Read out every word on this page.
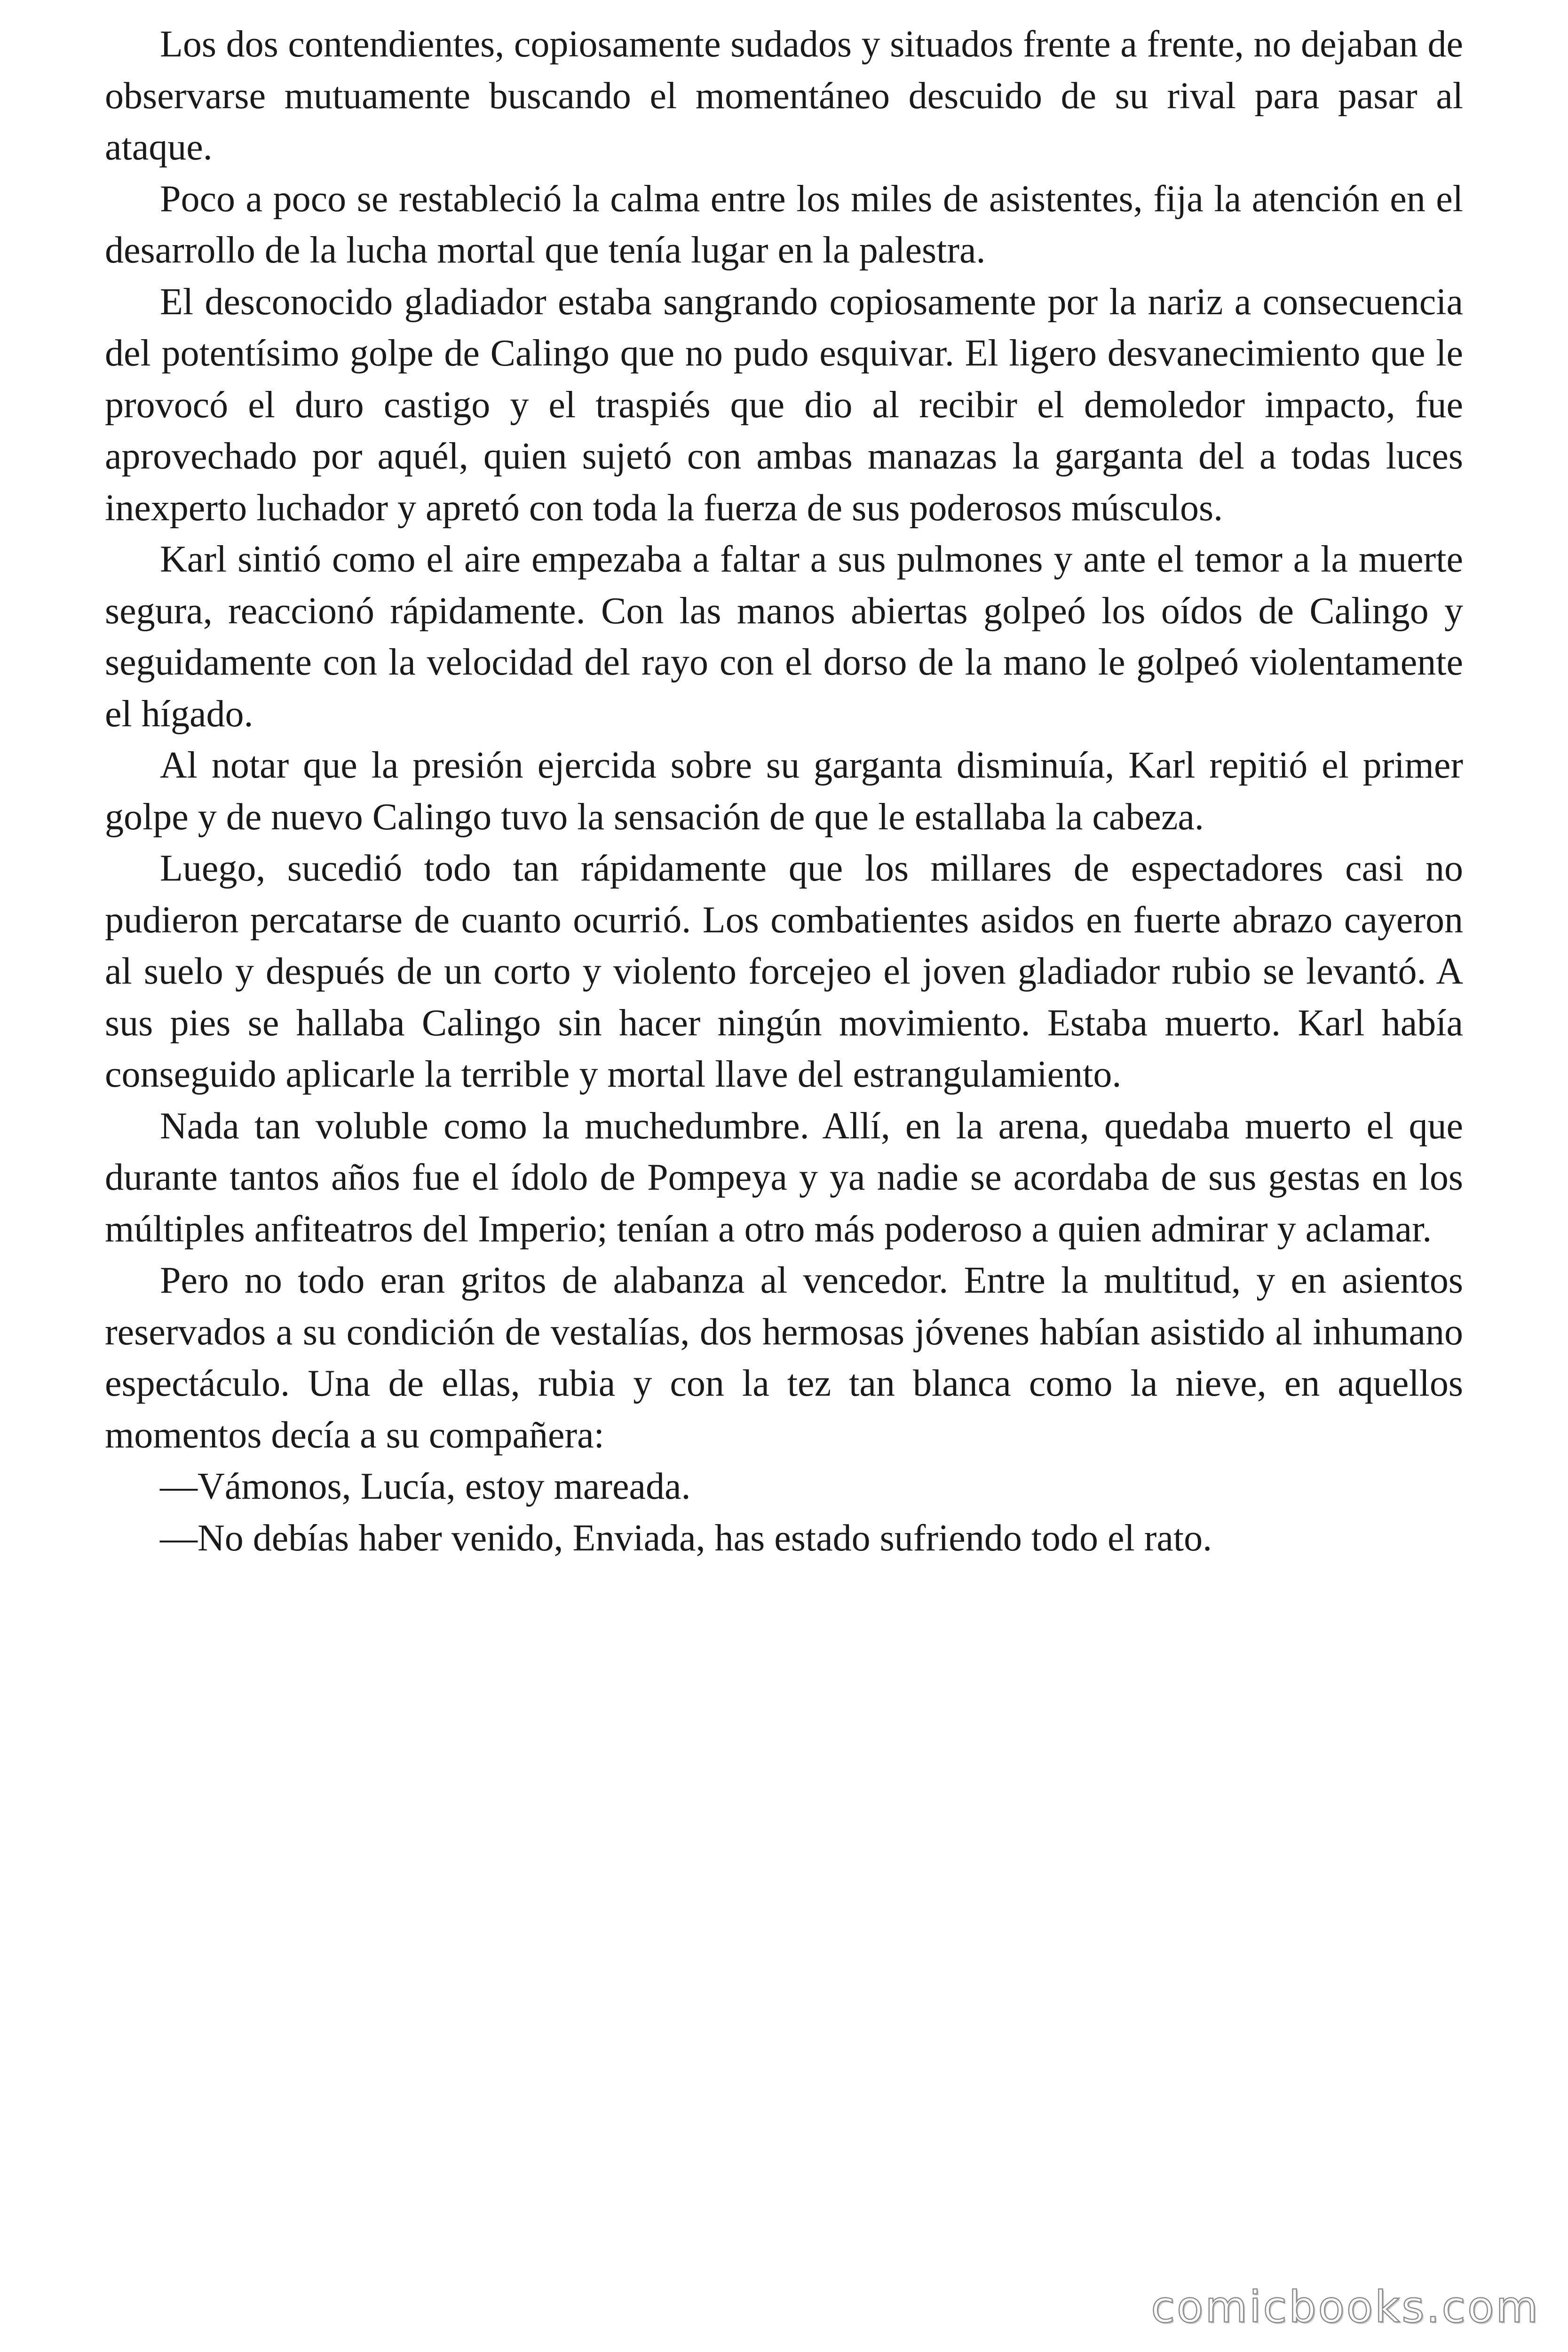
Los dos contendientes, copiosamente sudados y situados frente a frente, no dejaban de observarse mutuamente buscando el momentáneo descuido de su rival para pasar al ataque.

Poco a poco se restableció la calma entre los miles de asistentes, fija la atención en el desarrollo de la lucha mortal que tenía lugar en la palestra.

El desconocido gladiador estaba sangrando copiosamente por la nariz a consecuencia del potentísimo golpe de Calingo que no pudo esquivar. El ligero desvanecimiento que le provocó el duro castigo y el traspiés que dio al recibir el demoledor impacto, fue aprovechado por aquél, quien sujetó con ambas manazas la garganta del a todas luces inexperto luchador y apretó con toda la fuerza de sus poderosos músculos.

Karl sintió como el aire empezaba a faltar a sus pulmones y ante el temor a la muerte segura, reaccionó rápidamente. Con las manos abiertas golpeó los oídos de Calingo y seguidamente con la velocidad del rayo con el dorso de la mano le golpeó violentamente el hígado.

Al notar que la presión ejercida sobre su garganta disminuía, Karl repitió el primer golpe y de nuevo Calingo tuvo la sensación de que le estallaba la cabeza.

Luego, sucedió todo tan rápidamente que los millares de espectadores casi no pudieron percatarse de cuanto ocurrió. Los combatientes asidos en fuerte abrazo cayeron al suelo y después de un corto y violento forcejeo el joven gladiador rubio se levantó. A sus pies se hallaba Calingo sin hacer ningún movimiento. Estaba muerto. Karl había conseguido aplicarle la terrible y mortal llave del estrangulamiento.

Nada tan voluble como la muchedumbre. Allí, en la arena, quedaba muerto el que durante tantos años fue el ídolo de Pompeya y ya nadie se acordaba de sus gestas en los múltiples anfiteatros del Imperio; tenían a otro más poderoso a quien admirar y aclamar.

Pero no todo eran gritos de alabanza al vencedor. Entre la multitud, y en asientos reservados a su condición de vestalías, dos hermosas jóvenes habían asistido al inhumano espectáculo. Una de ellas, rubia y con la tez tan blanca como la nieve, en aquellos momentos decía a su compañera:

—Vámonos, Lucía, estoy mareada.

—No debías haber venido, Enviada, has estado sufriendo todo el rato.

comicbooks.com
